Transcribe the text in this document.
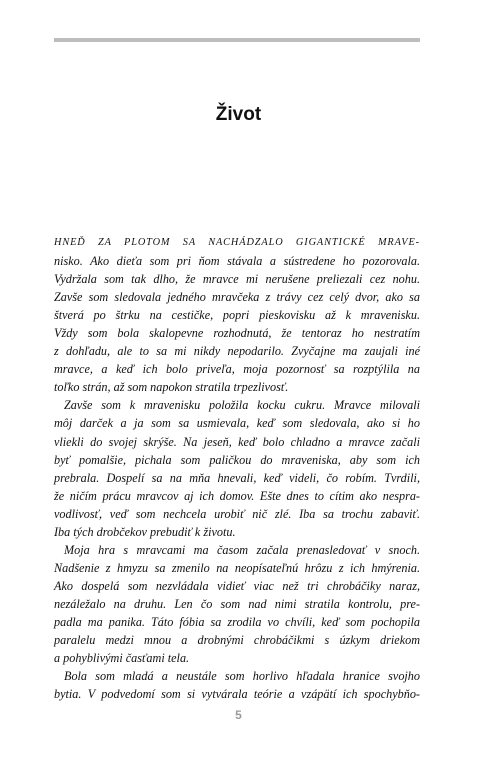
Život
HNEĎ ZA PLOTOM SA NACHÁDZALO GIGANTICKÉ MRAVE-
nisko. Ako dieťa som pri ňom stávala a sústredene ho pozorovala.
Vydržala som tak dlho, že mravce mi nerušene preliezali cez nohu.
Zavše som sledovala jedného mravčeka z trávy cez celý dvor, ako sa
štverá po štrku na cestičke, popri pieskovisku až k mravenisku.
Vždy som bola skalopevne rozhodnutá, že tentoraz ho nestratím
z dohľadu, ale to sa mi nikdy nepodarilo. Zvyčajne ma zaujali iné
mravce, a keď ich bolo priveľa, moja pozornosť sa rozptýlila na
toľko strán, až som napokon stratila trpezlivosť.
Zavše som k mravenisku položila kocku cukru. Mravce milovali
môj darček a ja som sa usmievala, keď som sledovala, ako si ho
vliekli do svojej skrýše. Na jeseň, keď bolo chladno a mravce začali
byť pomalšie, pichala som paličkou do mraveniska, aby som ich
prebrala. Dospelí sa na mňa hnevali, keď videli, čo robím. Tvrdili,
že ničím prácu mravcov aj ich domov. Ešte dnes to cítim ako nespra-
vodlivosť, veď som nechcela urobiť nič zlé. Iba sa trochu zabaviť.
Iba tých drobčekov prebudiť k životu.
Moja hra s mravcami ma časom začala prenasledovať v snoch.
Nadšenie z hmyzu sa zmenilo na neopísateľnú hrôzu z ich hmýrenia.
Ako dospelá som nezvládala vidieť viac než tri chrobáčiky naraz,
nezáležalo na druhu. Len čo som nad nimi stratila kontrolu, pre-
padla ma panika. Táto fóbia sa zrodila vo chvíli, keď som pochopila
paralelu medzi mnou a drobnými chrobáčikmi s úzkym driekom
a pohyblivými časťami tela.
Bola som mladá a neustále som horlivo hľadala hranice svojho
bytia. V podvedomí som si vytvárala teórie a vzápätí ich spochybňo-
5
